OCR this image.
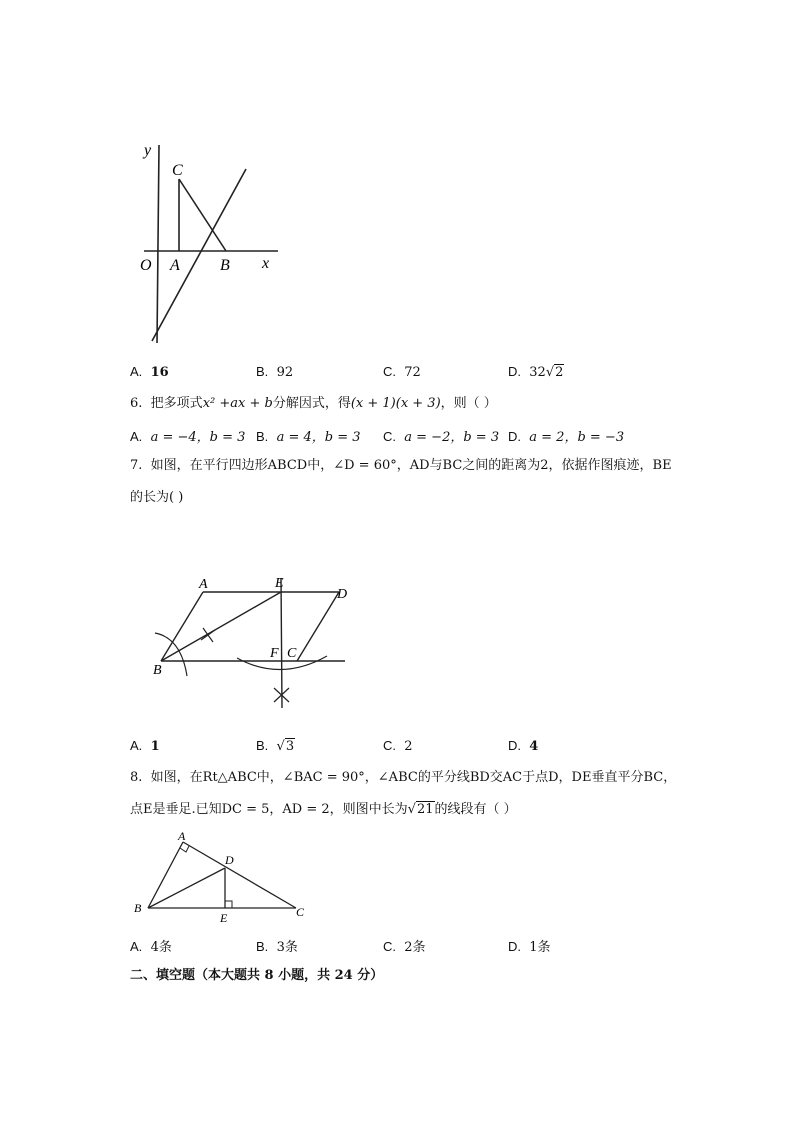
y
C
O A	B x
A. 16	B. 92	C. 72	D. 32√2
6. 把多项式x² +ax + b分解因式，得(x + 1)(x + 3)，则（ ）
A. a = −4，b = 3 B. a = 4，b = 3 C. a = −2，b = 3 D. a = 2，b = −3
7. 如图，在平行四边形ABCD中，∠D = 60°，AD与BC之间的距离为2，依据作图痕迹，BE
的长为( )
A	E
D
B
F C
A. 1	B.  √3	C. 2	D. 4
8. 如图，在Rt△ABC中，∠BAC = 90°，∠ABC的平分线BD交AC于点D，DE垂直平分BC，
点E是垂足.已知DC = 5，AD = 2，则图中长为√21的线段有（ ）
A
D
B
E	C
A. 4条	B. 3条	C. 2条	D. 1条
二、填空题（本大题共 8 小题，共 24 分）
